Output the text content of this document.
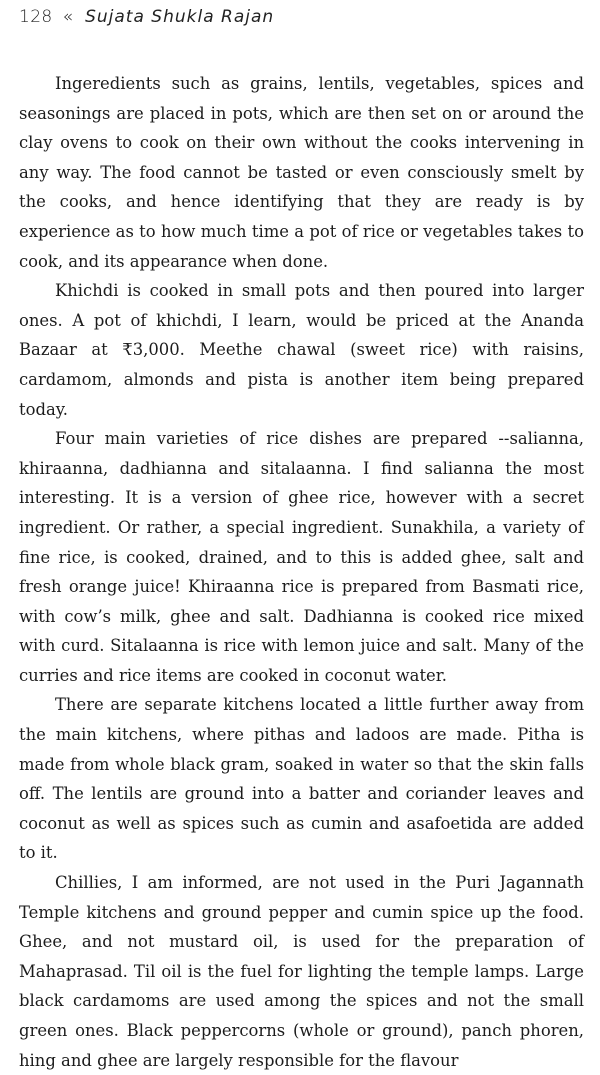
128 « Sujata Shukla Rajan

Ingeredients such as grains, lentils, vegetables, spices and seasonings are placed in pots, which are then set on or around the clay ovens to cook on their own without the cooks intervening in any way. The food cannot be tasted or even consciously smelt by the cooks, and hence identifying that they are ready is by experience as to how much time a pot of rice or vegetables takes to cook, and its appearance when done.

Khichdi is cooked in small pots and then poured into larger ones. A pot of khichdi, I learn, would be priced at the Ananda Bazaar at ₹3,000. Meethe chawal (sweet rice) with raisins, cardamom, almonds and pista is another item being prepared today.

Four main varieties of rice dishes are prepared --salianna, khiraanna, dadhianna and sitalaanna. I find salianna the most interesting. It is a version of ghee rice, however with a secret ingredient. Or rather, a special ingredient. Sunakhila, a variety of fine rice, is cooked, drained, and to this is added ghee, salt and fresh orange juice! Khiraanna rice is prepared from Basmati rice, with cow’s milk, ghee and salt. Dadhianna is cooked rice mixed with curd. Sitalaanna is rice with lemon juice and salt. Many of the curries and rice items are cooked in coconut water.

There are separate kitchens located a little further away from the main kitchens, where pithas and ladoos are made. Pitha is made from whole black gram, soaked in water so that the skin falls off. The lentils are ground into a batter and coriander leaves and coconut as well as spices such as cumin and asafoetida are added to it.

Chillies, I am informed, are not used in the Puri Jagannath Temple kitchens and ground pepper and cumin spice up the food. Ghee, and not mustard oil, is used for the preparation of Mahaprasad. Til oil is the fuel for lighting the temple lamps. Large black cardamoms are used among the spices and not the small green ones. Black peppercorns (whole or ground), panch phoren, hing and ghee are largely responsible for the flavour
